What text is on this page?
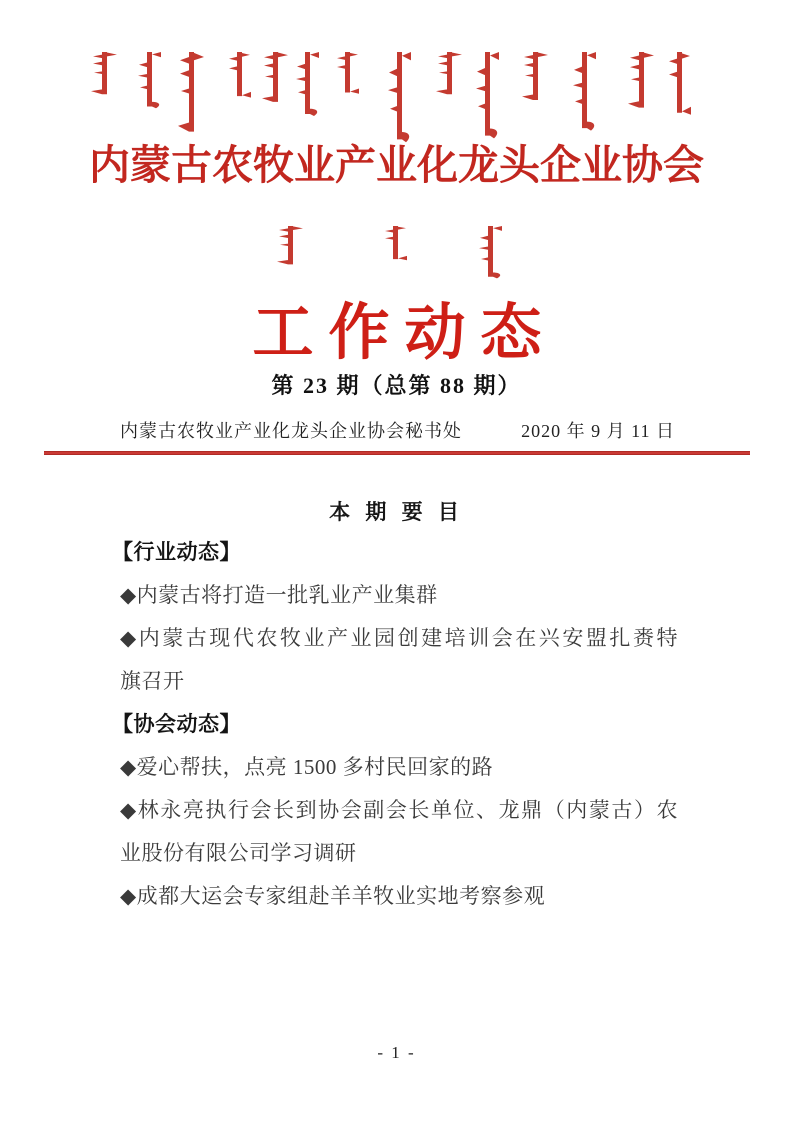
内蒙古农牧业产业化龙头企业协会
工作动态
第 23 期（总第 88 期）
内蒙古农牧业产业化龙头企业协会秘书处	2020 年 9 月 11 日
本 期 要 目
【行业动态】
◆内蒙古将打造一批乳业产业集群
◆内蒙古现代农牧业产业园创建培训会在兴安盟扎赉特
旗召开
【协会动态】
◆爱心帮扶，点亮 1500 多村民回家的路
◆林永亮执行会长到协会副会长单位、龙鼎（内蒙古）农
业股份有限公司学习调研
◆成都大运会专家组赴羊羊牧业实地考察参观
- 1 -
